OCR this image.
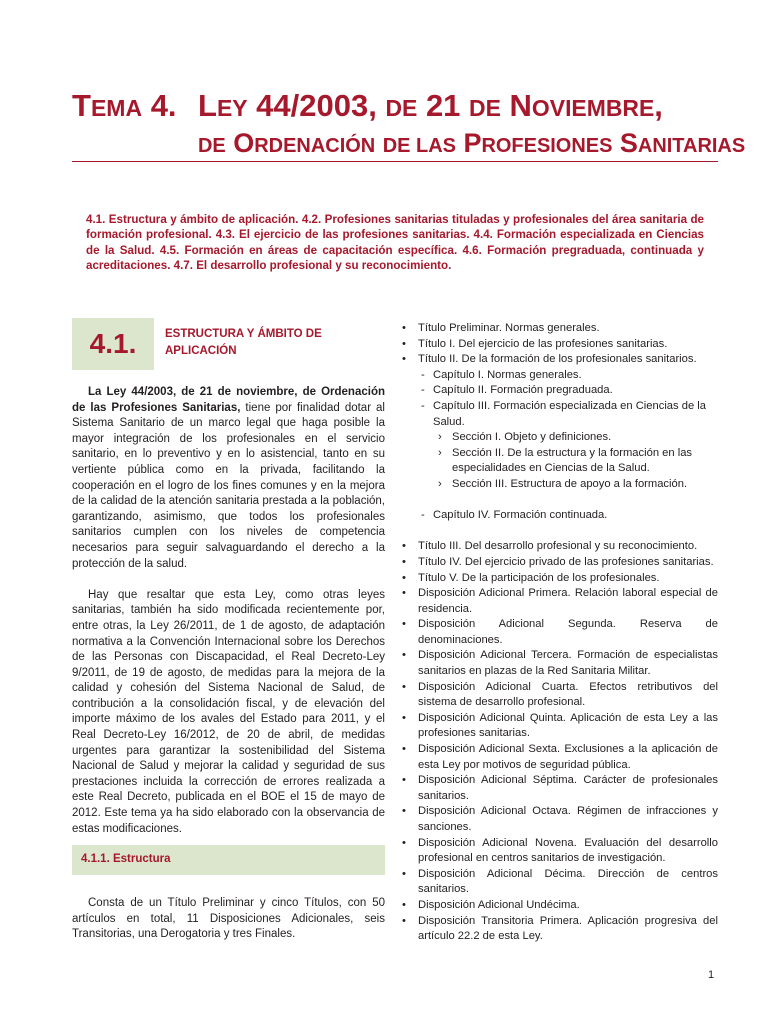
TEMA 4. LEY 44/2003, DE 21 DE NOVIEMBRE,
DE ORDENACIÓN DE LAS PROFESIONES SANITARIAS
4.1. Estructura y ámbito de aplicación. 4.2. Profesiones sanitarias tituladas y profesionales del área sanitaria de formación profesional. 4.3. El ejercicio de las profesiones sanitarias. 4.4. Formación especializada en Ciencias de la Salud. 4.5. Formación en áreas de capacitación específica. 4.6. Formación pregraduada, continuada y acreditaciones. 4.7. El desarrollo profesional y su reconocimiento.
4.1.	ESTRUCTURA Y ÁMBITO DE APLICACIÓN

La Ley 44/2003, de 21 de noviembre, de Ordenación de las Profesiones Sanitarias, tiene por finalidad dotar al Sistema Sanitario de un marco legal que haga posible la mayor integración de los profesionales en el servicio sanitario, en lo preventivo y en lo asistencial, tanto en su vertiente pública como en la privada, facilitando la cooperación en el logro de los fines comunes y en la mejora de la calidad de la atención sanitaria prestada a la población, garantizando, asimismo, que todos los profesionales sanitarios cumplen con los niveles de competencia necesarios para seguir salvaguardando el derecho a la protección de la salud.

Hay que resaltar que esta Ley, como otras leyes sanitarias, también ha sido modificada recientemente por, entre otras, la Ley 26/2011, de 1 de agosto, de adaptación normativa a la Convención Internacional sobre los Derechos de las Personas con Discapacidad, el Real Decreto-Ley 9/2011, de 19 de agosto, de medidas para la mejora de la calidad y cohesión del Sistema Nacional de Salud, de contribución a la consolidación fiscal, y de elevación del importe máximo de los avales del Estado para 2011, y el Real Decreto-Ley 16/2012, de 20 de abril, de medidas urgentes para garantizar la sostenibilidad del Sistema Nacional de Salud y mejorar la calidad y seguridad de sus prestaciones incluida la corrección de errores realizada a este Real Decreto, publicada en el BOE el 15 de mayo de 2012. Este tema ya ha sido elaborado con la observancia de estas modificaciones.

4.1.1. Estructura
Consta de un Título Preliminar y cinco Títulos, con 50 artículos en total, 11 Disposiciones Adicionales, seis Transitorias, una Derogatoria y tres Finales.
• Título Preliminar. Normas generales.
• Título I. Del ejercicio de las profesiones sanitarias.
• Título II. De la formación de los profesionales sanitarios.
- Capítulo I. Normas generales.
- Capítulo II. Formación pregraduada.
- Capítulo III. Formación especializada en Ciencias de la Salud.
› Sección I. Objeto y definiciones.
› Sección II. De la estructura y la formación en las especialidades en Ciencias de la Salud.
› Sección III. Estructura de apoyo a la formación.
- Capítulo IV. Formación continuada.
• Título III. Del desarrollo profesional y su reconocimiento.
• Título IV. Del ejercicio privado de las profesiones sanitarias.
• Título V. De la participación de los profesionales.
• Disposición Adicional Primera. Relación laboral especial de residencia.
• Disposición Adicional Segunda. Reserva de denominaciones.
• Disposición Adicional Tercera. Formación de especialistas sanitarios en plazas de la Red Sanitaria Militar.
• Disposición Adicional Cuarta. Efectos retributivos del sistema de desarrollo profesional.
• Disposición Adicional Quinta. Aplicación de esta Ley a las profesiones sanitarias.
• Disposición Adicional Sexta. Exclusiones a la aplicación de esta Ley por motivos de seguridad pública.
• Disposición Adicional Séptima. Carácter de profesionales sanitarios.
• Disposición Adicional Octava. Régimen de infracciones y sanciones.
• Disposición Adicional Novena. Evaluación del desarrollo profesional en centros sanitarios de investigación.
• Disposición Adicional Décima. Dirección de centros sanitarios.
• Disposición Adicional Undécima.
• Disposición Transitoria Primera. Aplicación progresiva del artículo 22.2 de esta Ley.
1
